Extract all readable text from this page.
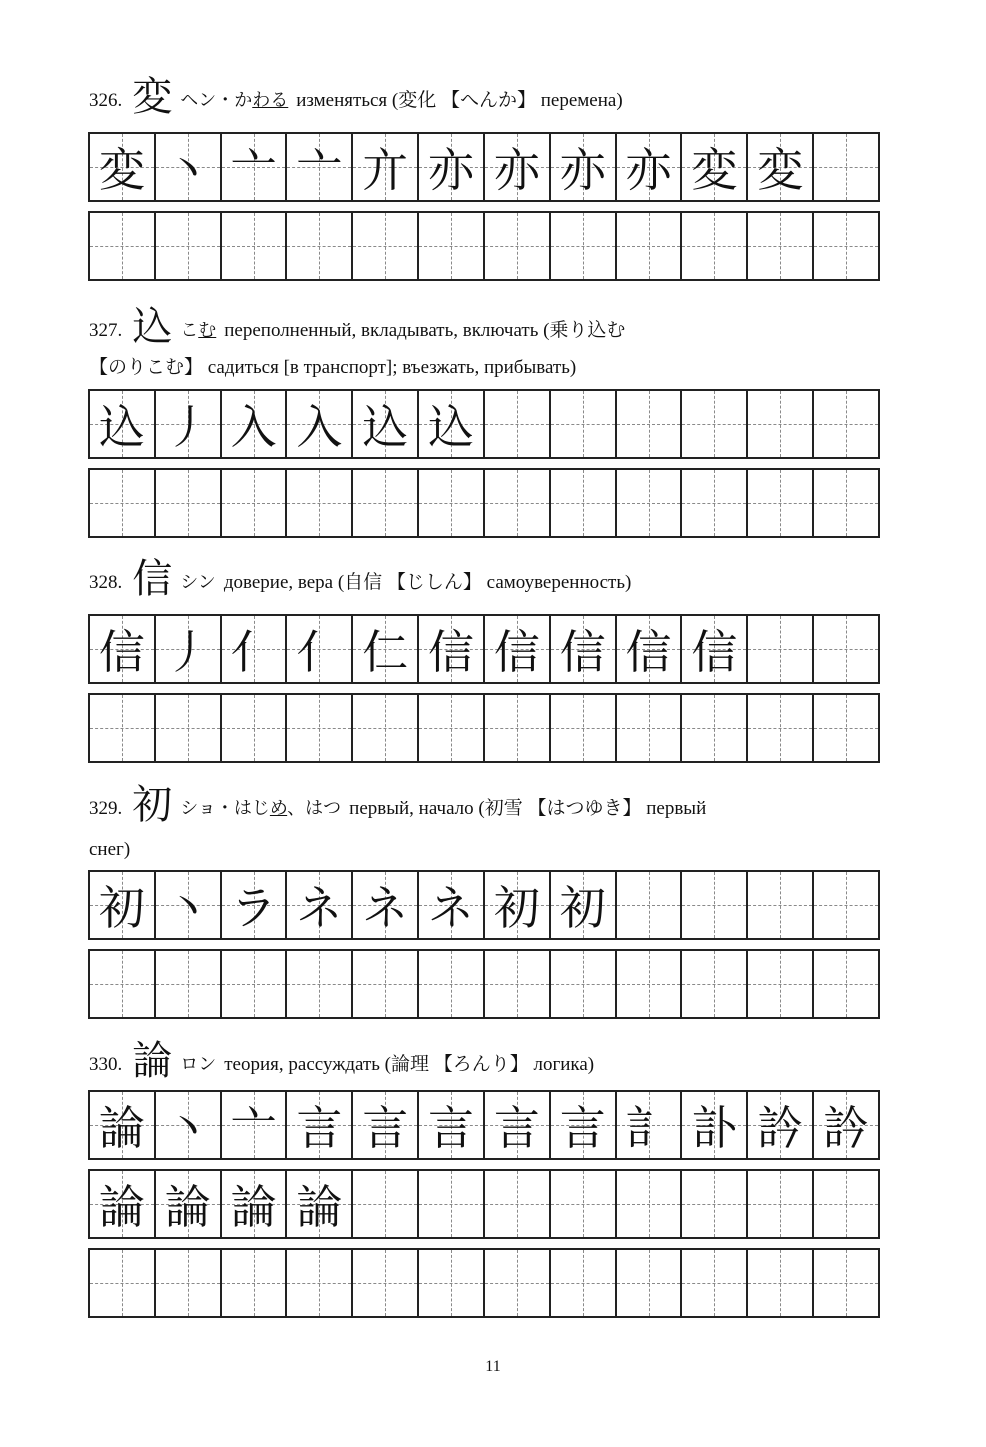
326. 変 ヘン・かわる изменяться (変化 【へんか】 перемена)
変 丶 亠 亠 亣 亦 亦 亦 亦 変 変
327. 込 こむ переполненный, вкладывать, включать (乗り込む
【のりこむ】 садиться [в транспорт]; въезжать, прибывать)
込 丿 入 入 込 込
328. 信 シン доверие, вера (自信 【じしん】 самоуверенность)
信 丿 亻 亻 仁 信 信 信 信 信
329. 初 ショ・はじめ、はつ первый, начало (初雪 【はつゆき】 первый
снег)
初 丶 ラ ネ ネ ネ 初 初
330. 論 ロン теория, рассуждать (論理 【ろんり】 логика)
論 丶 亠 言 言 言 言 言 訁 訃 訡 訡
論 論 論 論
11
